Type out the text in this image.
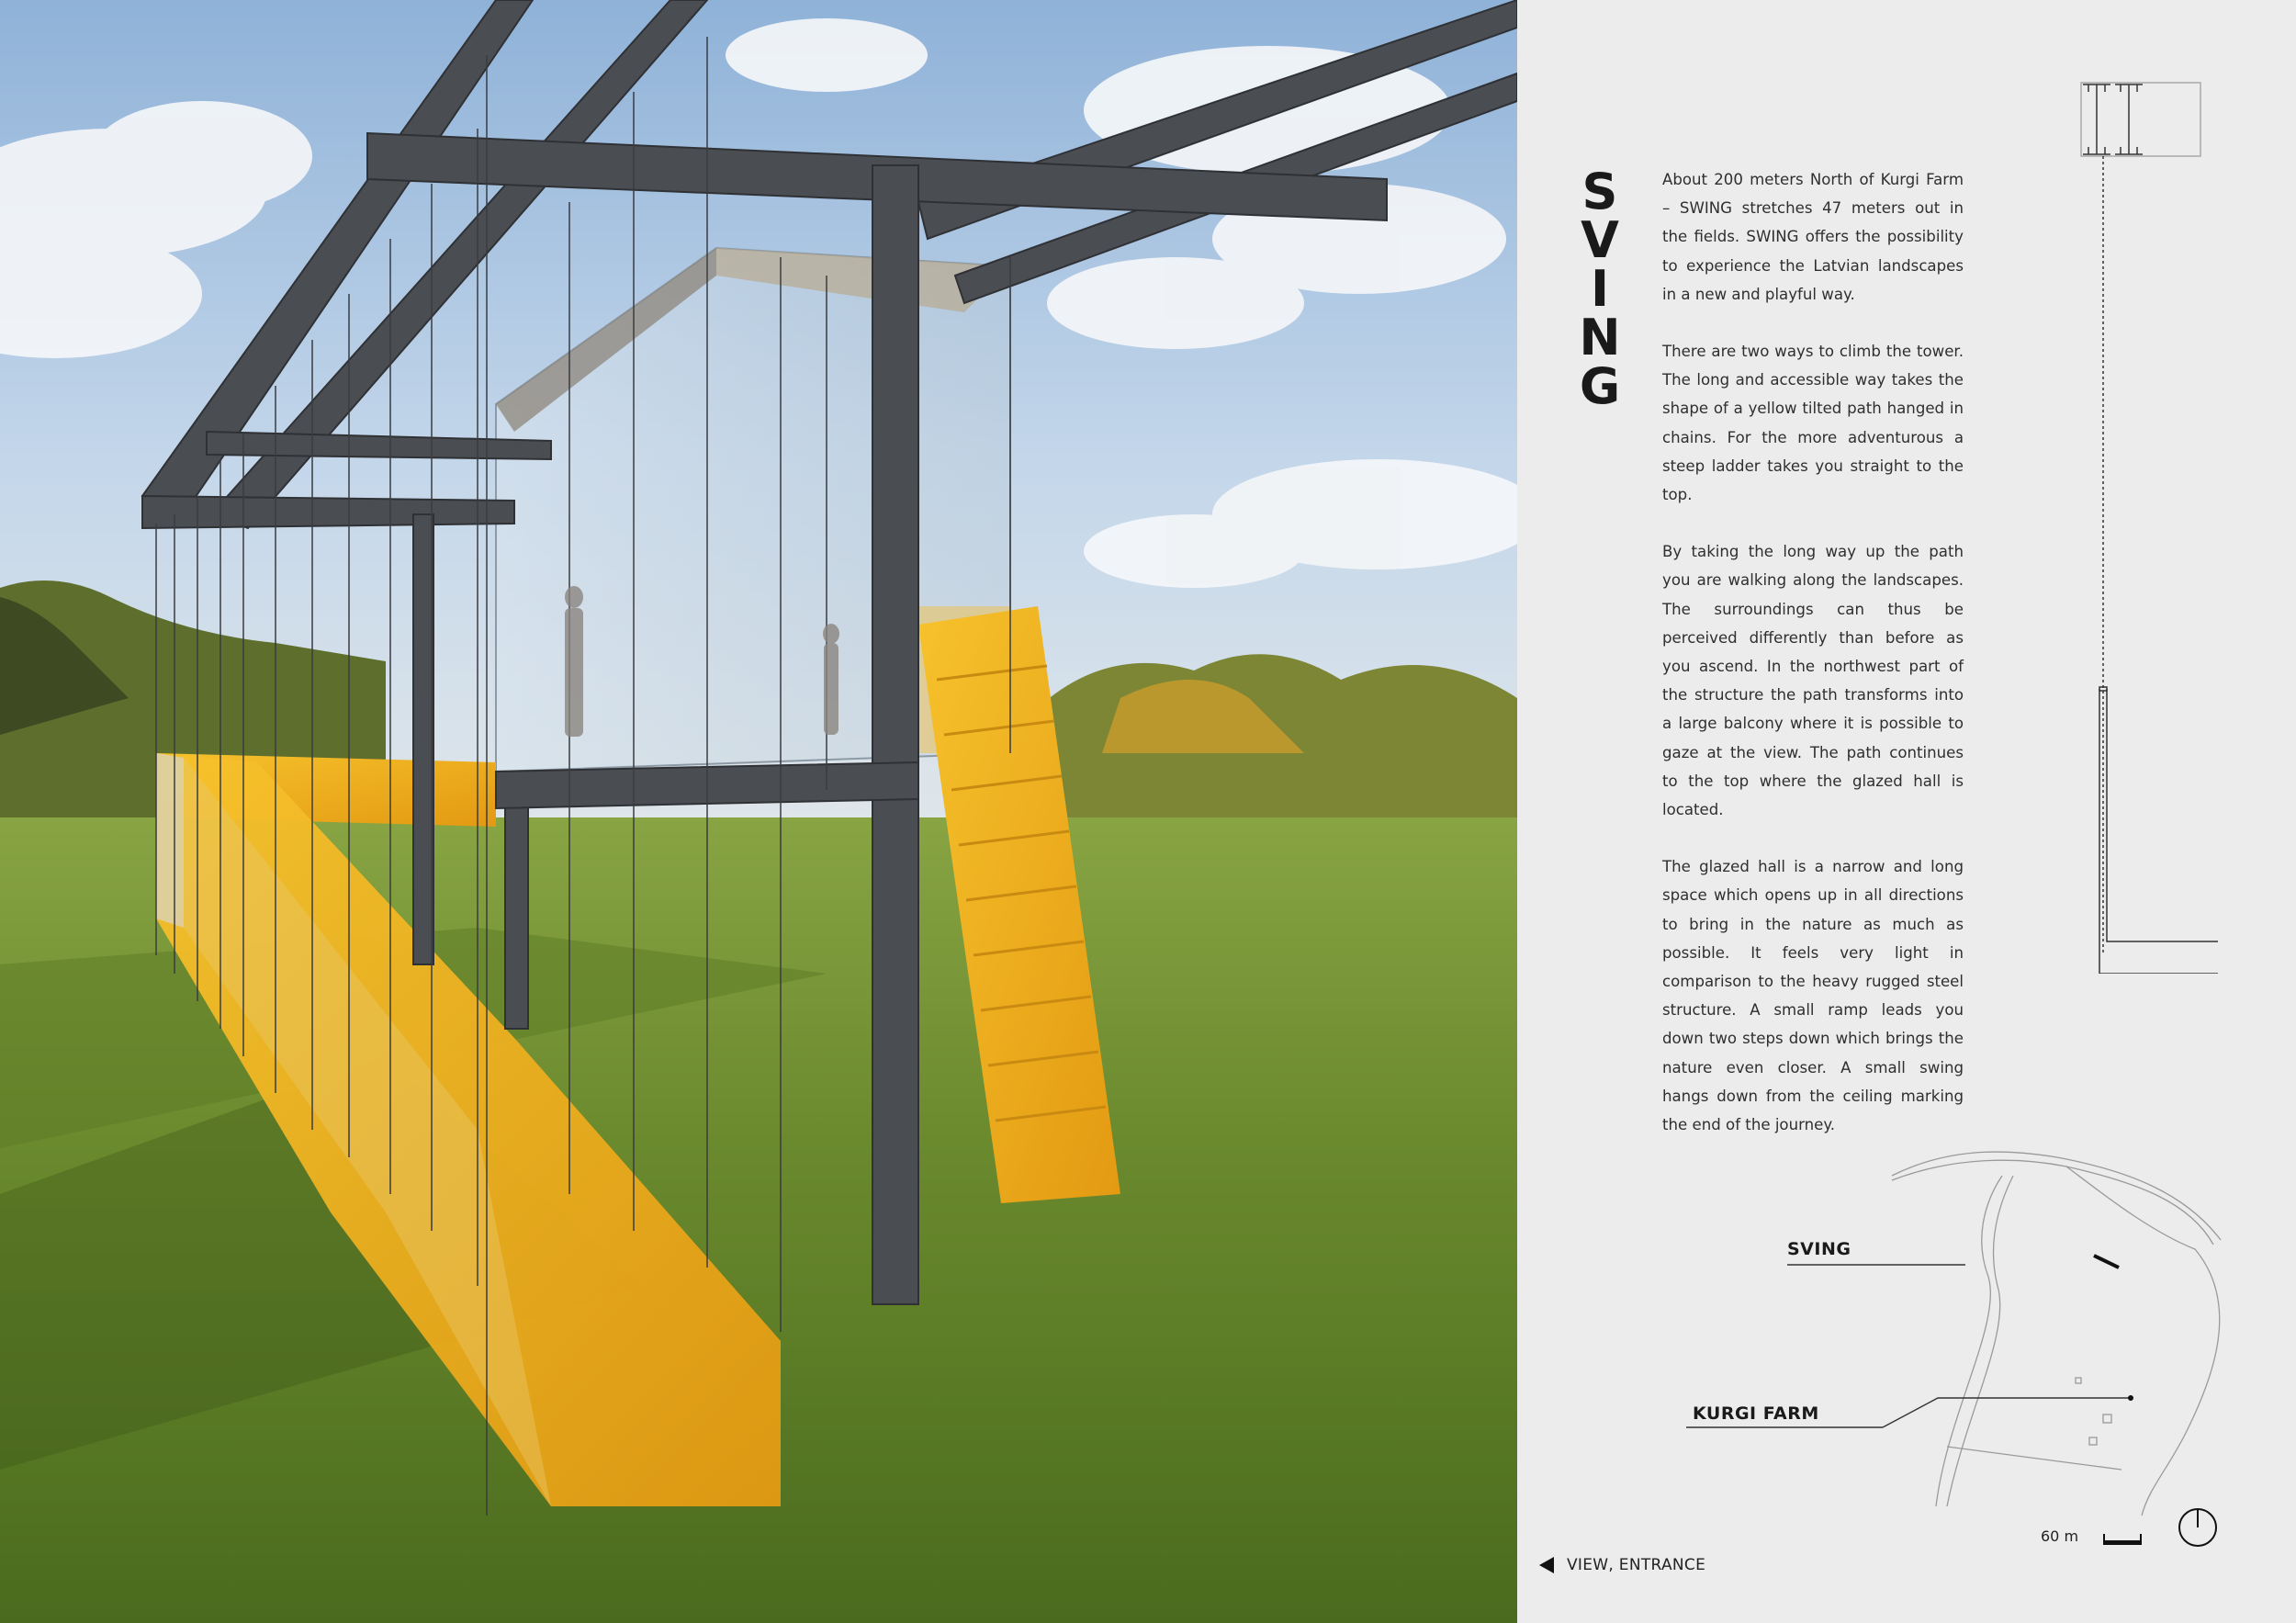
S
V
I
N
G

About 200 meters North of Kurgi Farm – SWING stretches 47 meters out in the fields. SWING offers the possibility to experience the Latvian landscapes in a new and playful way.

There are two ways to climb the tower. The long and accessible way takes the shape of a yellow tilted path hanged in chains. For the more adventurous a steep ladder takes you straight to the top.

By taking the long way up the path you are walking along the landscapes. The surroundings can thus be perceived differently than before as you ascend. In the northwest part of the structure the path transforms into a large balcony where it is possible to gaze at the view. The path continues to the top where the glazed hall is located.

The glazed hall is a narrow and long space which opens up in all directions to bring in the nature as much as possible. It feels very light in comparison to the heavy rugged steel structure. A small ramp leads you down two steps down which brings the nature even closer. A small swing hangs down from the ceiling marking the end of the journey.

SVING
KURGI FARM
60 m
VIEW, ENTRANCE
